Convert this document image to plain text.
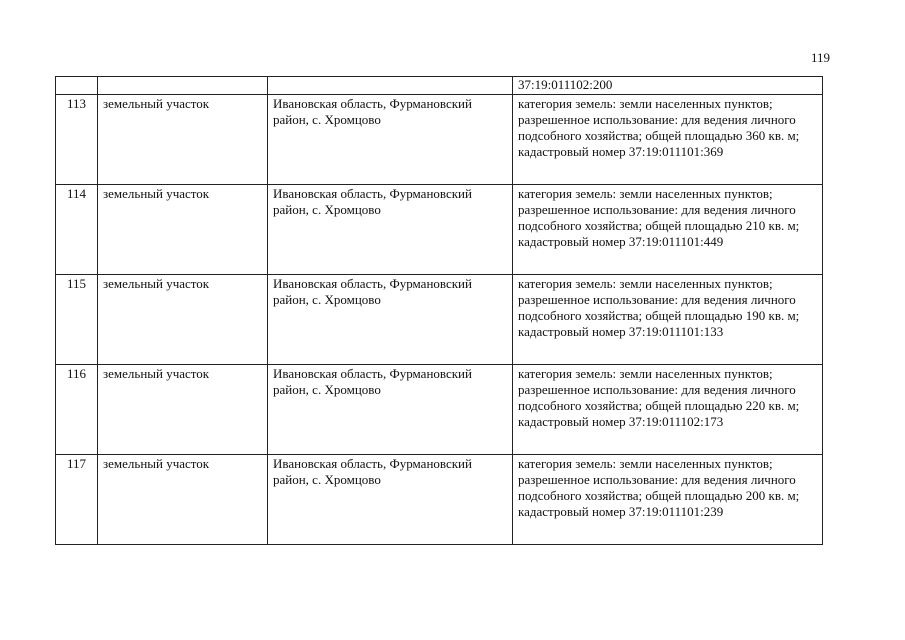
119
			37:19:011102:200
113	земельный участок	Ивановская область, Фурмановский район, с. Хромцово	категория земель: земли населенных пунктов; разрешенное использование: для ведения личного подсобного хозяйства; общей площадью 360 кв. м; кадастровый номер 37:19:011101:369
114	земельный участок	Ивановская область, Фурмановский район, с. Хромцово	категория земель: земли населенных пунктов; разрешенное использование: для ведения личного подсобного хозяйства; общей площадью 210 кв. м; кадастровый номер 37:19:011101:449
115	земельный участок	Ивановская область, Фурмановский район, с. Хромцово	категория земель: земли населенных пунктов; разрешенное использование: для ведения личного подсобного хозяйства; общей площадью 190 кв. м; кадастровый номер 37:19:011101:133
116	земельный участок	Ивановская область, Фурмановский район, с. Хромцово	категория земель: земли населенных пунктов; разрешенное использование: для ведения личного подсобного хозяйства; общей площадью 220 кв. м; кадастровый номер 37:19:011102:173
117	земельный участок	Ивановская область, Фурмановский район, с. Хромцово	категория земель: земли населенных пунктов; разрешенное использование: для ведения личного подсобного хозяйства; общей площадью 200 кв. м; кадастровый номер 37:19:011101:239
